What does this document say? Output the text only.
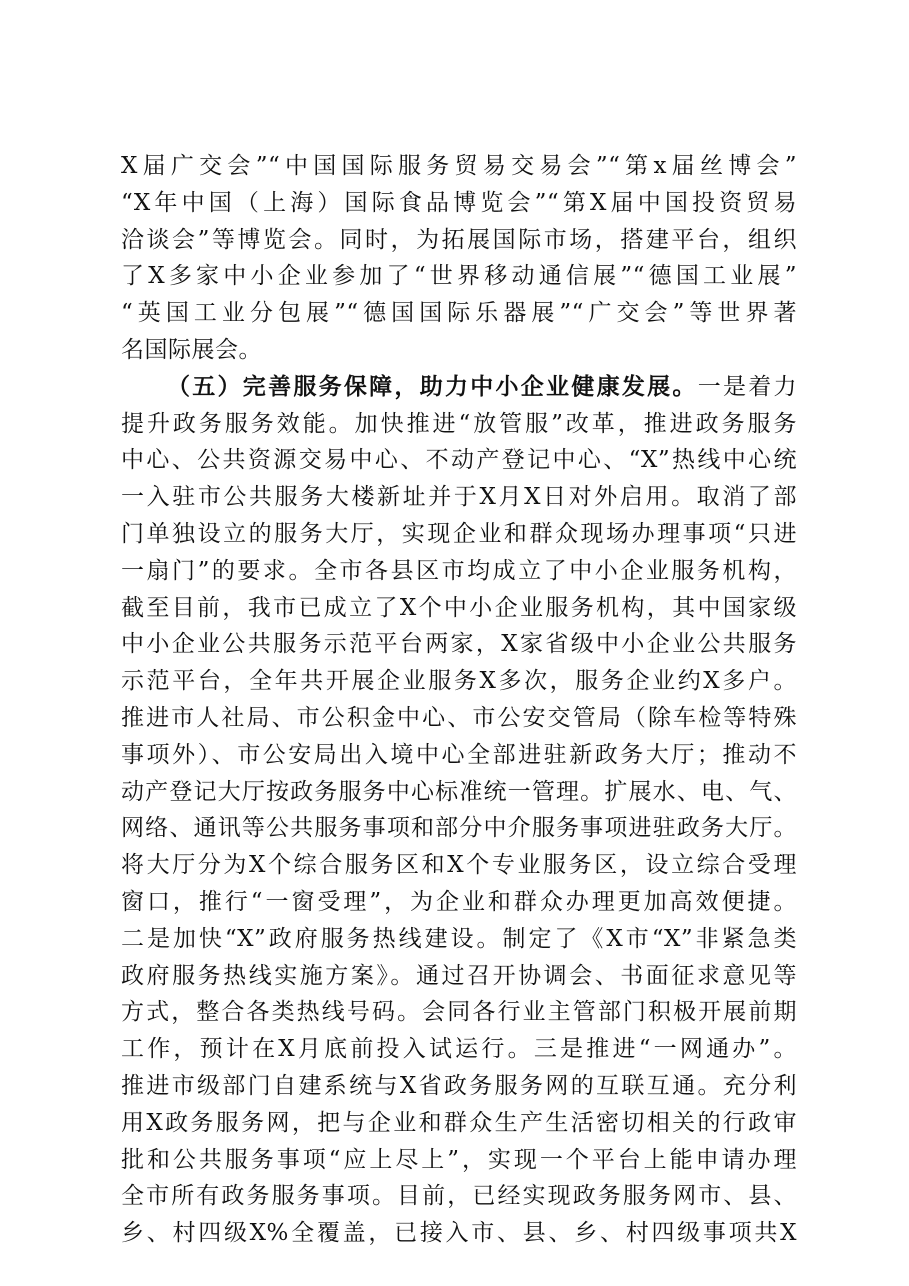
X届广交会”“中国国际服务贸易交易会”“第x届丝博会”
“X年中国（上海）国际食品博览会”“第X届中国投资贸易
洽谈会”等博览会。同时，为拓展国际市场，搭建平台，组织
了X多家中小企业参加了“世界移动通信展”“德国工业展”
“英国工业分包展”“德国国际乐器展”“广交会”等世界著
名国际展会。
（五）完善服务保障，助力中小企业健康发展。一是着力
提升政务服务效能。加快推进“放管服”改革，推进政务服务
中心、公共资源交易中心、不动产登记中心、“X”热线中心统
一入驻市公共服务大楼新址并于X月X日对外启用。取消了部
门单独设立的服务大厅，实现企业和群众现场办理事项“只进
一扇门”的要求。全市各县区市均成立了中小企业服务机构，
截至目前，我市已成立了X个中小企业服务机构，其中国家级
中小企业公共服务示范平台两家，X家省级中小企业公共服务
示范平台，全年共开展企业服务X多次，服务企业约X多户。
推进市人社局、市公积金中心、市公安交管局（除车检等特殊
事项外）、市公安局出入境中心全部进驻新政务大厅；推动不
动产登记大厅按政务服务中心标准统一管理。扩展水、电、气、
网络、通讯等公共服务事项和部分中介服务事项进驻政务大厅。
将大厅分为X个综合服务区和X个专业服务区，设立综合受理
窗口，推行“一窗受理”，为企业和群众办理更加高效便捷。
二是加快“X”政府服务热线建设。制定了《X市“X”非紧急类
政府服务热线实施方案》。通过召开协调会、书面征求意见等
方式，整合各类热线号码。会同各行业主管部门积极开展前期
工作，预计在X月底前投入试运行。三是推进“一网通办”。
推进市级部门自建系统与X省政务服务网的互联互通。充分利
用X政务服务网，把与企业和群众生产生活密切相关的行政审
批和公共服务事项“应上尽上”，实现一个平台上能申请办理
全市所有政务服务事项。目前，已经实现政务服务网市、县、
乡、村四级X%全覆盖，已接入市、县、乡、村四级事项共X
